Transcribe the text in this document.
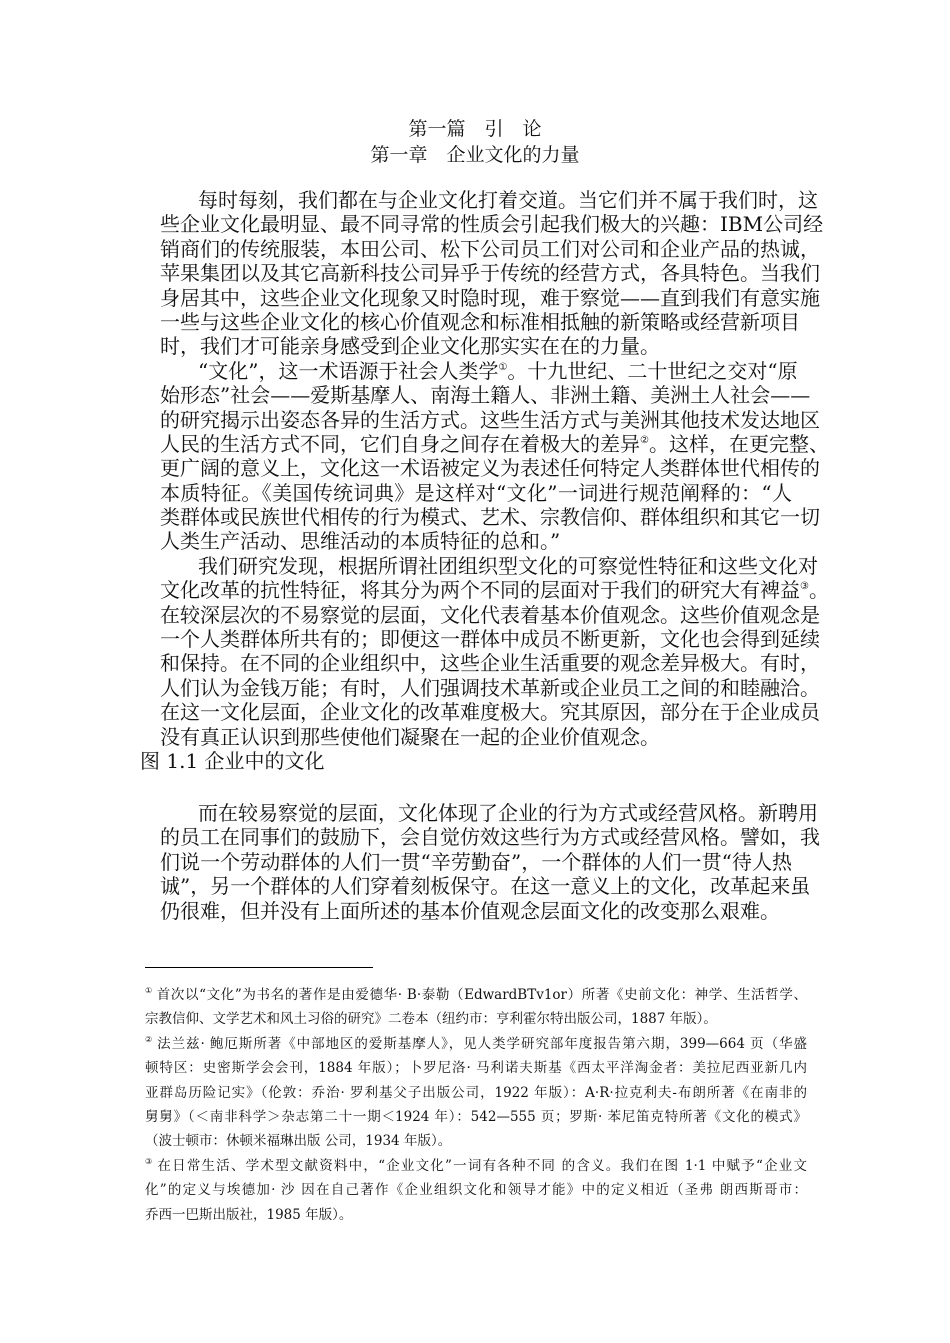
第一篇　引　论
第一章　企业文化的力量
每时每刻，我们都在与企业文化打着交道。当它们并不属于我们时，这
些企业文化最明显、最不同寻常的性质会引起我们极大的兴趣：IBM公司经
销商们的传统服装，本田公司、松下公司员工们对公司和企业产品的热诚，
苹果集团以及其它高新科技公司异乎于传统的经营方式，各具特色。当我们
身居其中，这些企业文化现象又时隐时现，难于察觉——直到我们有意实施
一些与这些企业文化的核心价值观念和标准相抵触的新策略或经营新项目
时，我们才可能亲身感受到企业文化那实实在在的力量。
“文化”，这一术语源于社会人类学①。十九世纪、二十世纪之交对“原
始形态”社会——爱斯基摩人、南海土籍人、非洲土籍、美洲土人社会——
的研究揭示出姿态各异的生活方式。这些生活方式与美洲其他技术发达地区
人民的生活方式不同，它们自身之间存在着极大的差异②。这样，在更完整、
更广阔的意义上，文化这一术语被定义为表述任何特定人类群体世代相传的
本质特征。《美国传统词典》是这样对“文化”一词进行规范阐释的：“人
类群体或民族世代相传的行为模式、艺术、宗教信仰、群体组织和其它一切
人类生产活动、思维活动的本质特征的总和。”
我们研究发现，根据所谓社团组织型文化的可察觉性特征和这些文化对
文化改革的抗性特征，将其分为两个不同的层面对于我们的研究大有裨益③。
在较深层次的不易察觉的层面，文化代表着基本价值观念。这些价值观念是
一个人类群体所共有的；即便这一群体中成员不断更新，文化也会得到延续
和保持。在不同的企业组织中，这些企业生活重要的观念差异极大。有时，
人们认为金钱万能；有时，人们强调技术革新或企业员工之间的和睦融洽。
在这一文化层面，企业文化的改革难度极大。究其原因，部分在于企业成员
没有真正认识到那些使他们凝聚在一起的企业价值观念。
图 1.1 企业中的文化
而在较易察觉的层面，文化体现了企业的行为方式或经营风格。新聘用
的员工在同事们的鼓励下，会自觉仿效这些行为方式或经营风格。譬如，我
们说一个劳动群体的人们一贯“辛劳勤奋”，一个群体的人们一贯“待人热
诚”，另一个群体的人们穿着刻板保守。在这一意义上的文化，改革起来虽
仍很难，但并没有上面所述的基本价值观念层面文化的改变那么艰难。
① 首次以“文化”为书名的著作是由爱德华· B·泰勒（EdwardBTv1or）所著《史前文化：神学、生活哲学、
宗教信仰、文学艺术和风土习俗的研究》二卷本（纽约市：亨利霍尔特出版公司，1887 年版）。
② 法兰兹· 鲍厄斯所著《中部地区的爱斯基摩人》，见人类学研究部年度报告第六期，399—664 页（华盛
顿特区：史密斯学会会刊，1884 年版）；卜罗尼洛· 马利诺夫斯基《西太平洋淘金者：美拉尼西亚新几内
亚群岛历险记实》（伦敦：乔治· 罗利基父子出版公司，1922 年版）：A·R·拉克利夫-布朗所著《在南非的
舅舅》（＜南非科学＞杂志第二十一期＜1924 年）：542—555 页；罗斯· 苯尼笛克特所著《文化的模式》
（波士顿市：休顿米福琳出版 公司，1934 年版）。
③ 在日常生活、学术型文献资料中，“企业文化”一词有各种不同 的含义。我们在图 1·1 中赋予“企业文
化”的定义与埃德加· 沙 因在自己著作《企业组织文化和领导才能》中的定义相近（圣弗 朗西斯哥市：
乔西一巴斯出版社，1985 年版）。
